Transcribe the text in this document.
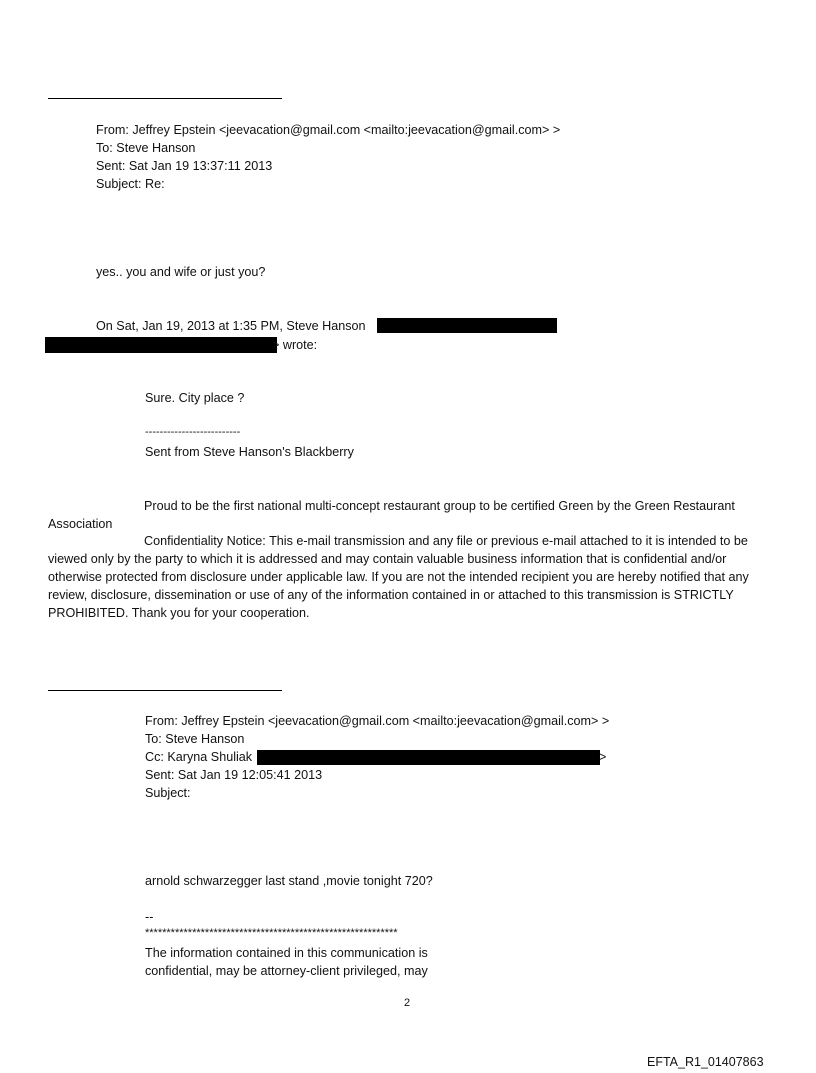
From: Jeffrey Epstein <jeevacation@gmail.com <mailto:jeevacation@gmail.com> >

To: Steve Hanson

Sent: Sat Jan 19 13:37:11 2013

Subject: Re:

yes.. you and wife or just you?

On Sat, Jan 19, 2013 at 1:35 PM, Steve Hanson

> wrote:

Sure. City place ?

--------------------------

Sent from Steve Hanson's Blackberry

Proud to be the first national multi-concept restaurant group to be certified Green by the Green Restaurant Association

Confidentiality Notice: This e-mail transmission and any file or previous e-mail attached to it is intended to be viewed only by the party to which it is addressed and may contain valuable business information that is confidential and/or otherwise protected from disclosure under applicable law. If you are not the intended recipient you are hereby notified that any review, disclosure, dissemination or use of any of the information contained in or attached to this transmission is STRICTLY PROHIBITED. Thank you for your cooperation.

From: Jeffrey Epstein <jeevacation@gmail.com <mailto:jeevacation@gmail.com> >

To: Steve Hanson

Cc: Karyna Shuliak	>

Sent: Sat Jan 19 12:05:41 2013

Subject:

arnold schwarzegger last stand ,movie tonight 720?

--

***********************************************************

The information contained in this communication is

confidential, may be attorney-client privileged, may

2

EFTA_R1_01407863
